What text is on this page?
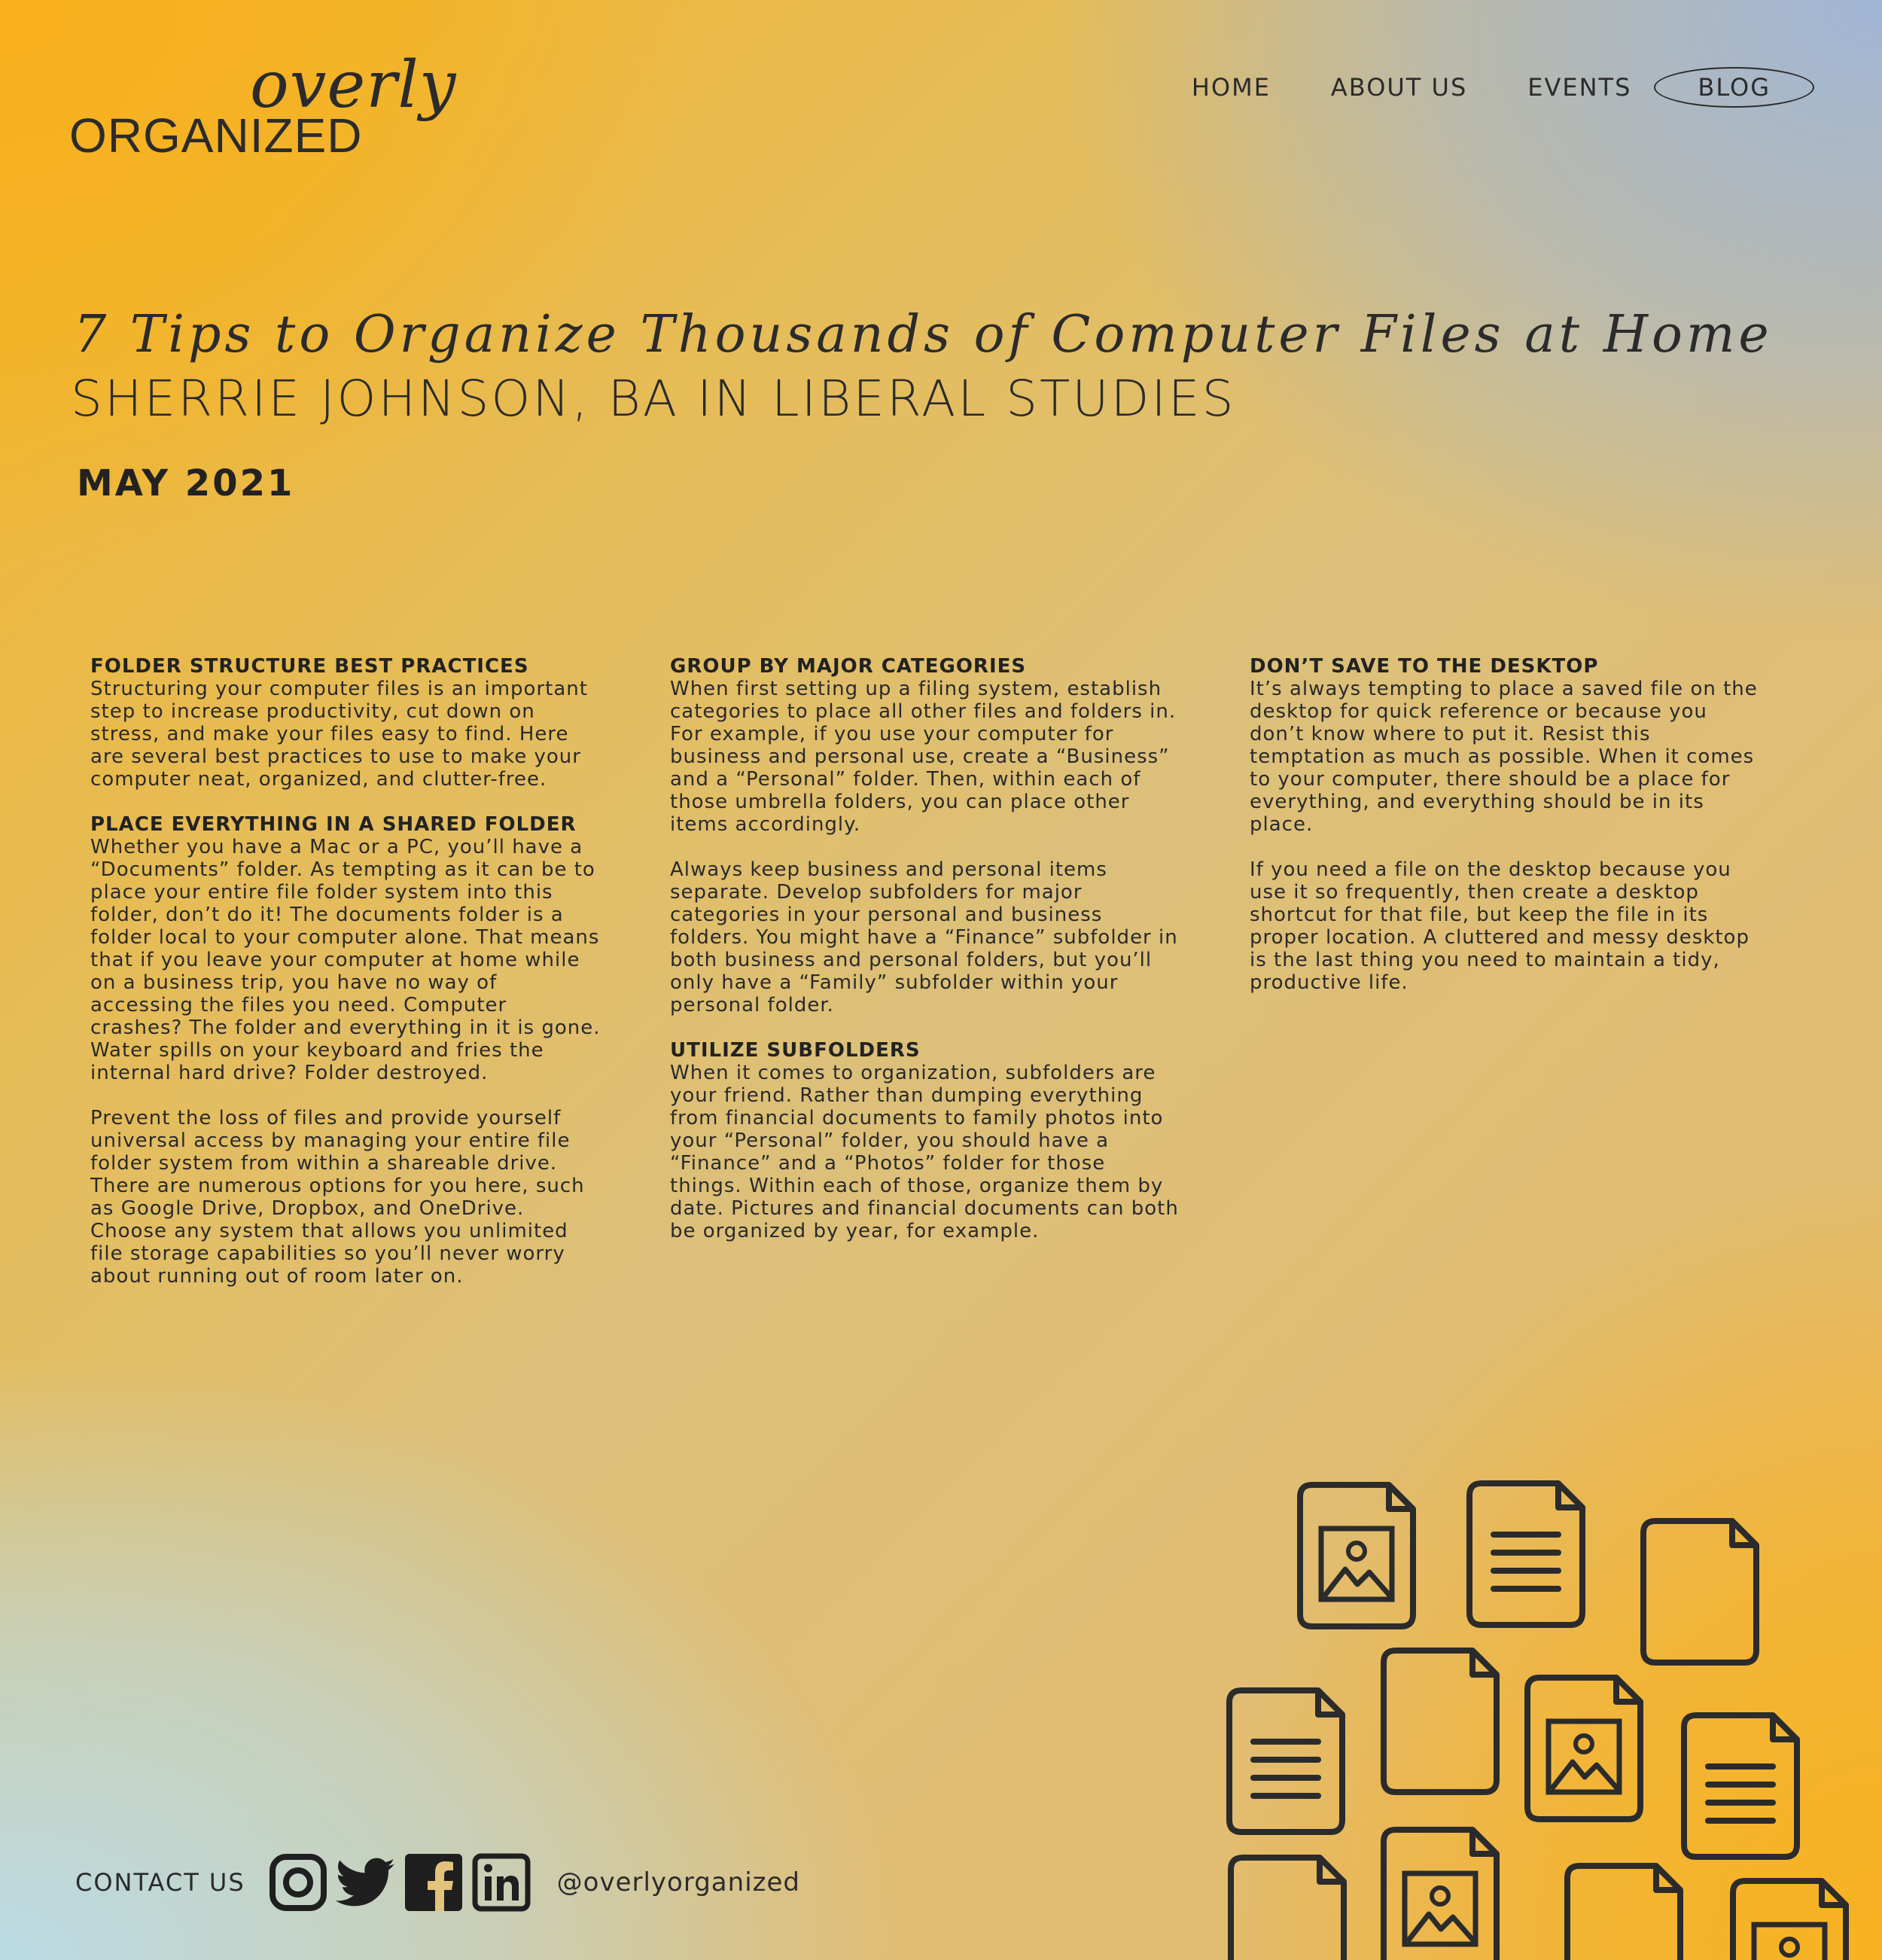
overly
ORGANIZED
HOME	ABOUT US	EVENTS	BLOG
7 Tips to Organize Thousands of Computer Files at Home
SHERRIE JOHNSON, BA IN LIBERAL STUDIES
MAY 2021
FOLDER STRUCTURE BEST PRACTICES

Structuring your computer files is an important step to increase productivity, cut down on stress, and make your files easy to find. Here are several best practices to use to make your computer neat, organized, and clutter-free.

PLACE EVERYTHING IN A SHARED FOLDER

Whether you have a Mac or a PC, you’ll have a “Documents” folder. As tempting as it can be to place your entire file folder system into this folder, don’t do it! The documents folder is a folder local to your computer alone. That means that if you leave your computer at home while on a business trip, you have no way of accessing the files you need. Computer crashes? The folder and everything in it is gone. Water spills on your keyboard and fries the internal hard drive? Folder destroyed.

Prevent the loss of files and provide yourself universal access by managing your entire file folder system from within a shareable drive. There are numerous options for you here, such as Google Drive, Dropbox, and OneDrive. Choose any system that allows you unlimited file storage capabilities so you’ll never worry about running out of room later on.

GROUP BY MAJOR CATEGORIES

When first setting up a filing system, establish categories to place all other files and folders in. For example, if you use your computer for business and personal use, create a “Business” and a “Personal” folder. Then, within each of those umbrella folders, you can place other items accordingly.

Always keep business and personal items separate. Develop subfolders for major categories in your personal and business folders. You might have a “Finance” subfolder in both business and personal folders, but you’ll only have a “Family” subfolder within your personal folder.

UTILIZE SUBFOLDERS

When it comes to organization, subfolders are your friend. Rather than dumping everything from financial documents to family photos into your “Personal” folder, you should have a “Finance” and a “Photos” folder for those things. Within each of those, organize them by date. Pictures and financial documents can both be organized by year, for example.

DON’T SAVE TO THE DESKTOP

It’s always tempting to place a saved file on the desktop for quick reference or because you don’t know where to put it. Resist this temptation as much as possible. When it comes to your computer, there should be a place for everything, and everything should be in its place.

If you need a file on the desktop because you use it so frequently, then create a desktop shortcut for that file, but keep the file in its proper location. A cluttered and messy desktop is the last thing you need to maintain a tidy, productive life.

CONTACT US	@overlyorganized
